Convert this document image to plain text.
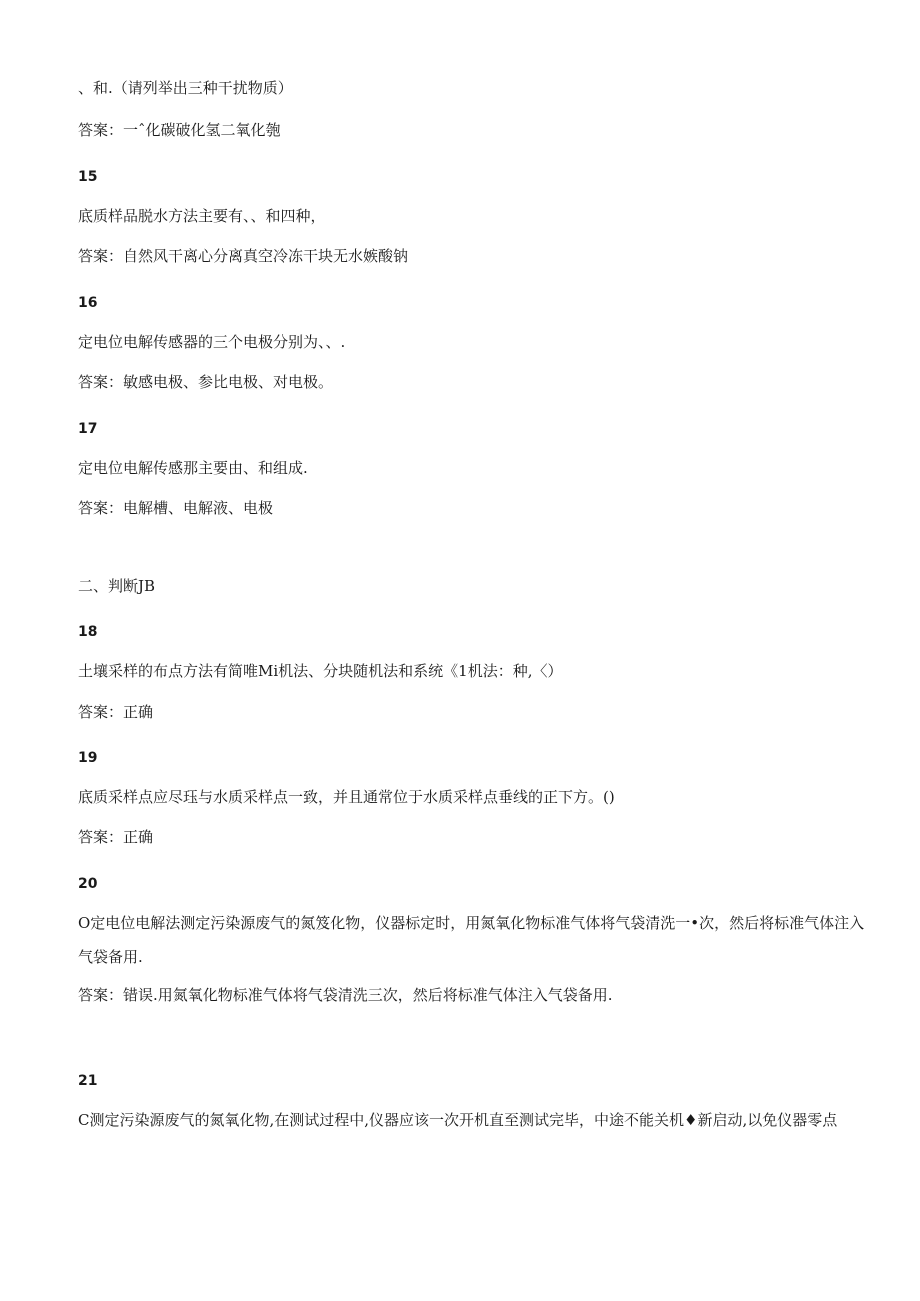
、和.（请列举出三种干扰物质）
答案：一ˆ化碳破化氢二氧化匏
15
底质样品脱水方法主要有、、和四种，
答案：自然风干离心分离真空冷冻干块无水嫉酸钠
16
定电位电解传感器的三个电极分别为、、.
答案：敏感电极、参比电极、对电极。
17
定电位电解传感那主要由、和组成.
答案：电解槽、电解液、电极
二、判断JB
18
土壤采样的布点方法有简唯Mi机法、分块随机法和系统《1机法：种,〈）
答案：正确
19
底质采样点应尽珏与水质采样点一致，并且通常位于水质采样点垂线的正下方。()
答案：正确
20
O定电位电解法测定污染源废气的氮笈化物，仪器标定时，用氮氧化物标准气体将气袋清洗一•次，然后将标准气体注入气袋备用.
答案：错误.用氮氧化物标准气体将气袋清洗三次，然后将标准气体注入气袋备用.
21
C测定污染源废气的氮氧化物,在测试过程中,仪器应该一次开机直至测试完毕，中途不能关机♦新启动,以免仪器零点
